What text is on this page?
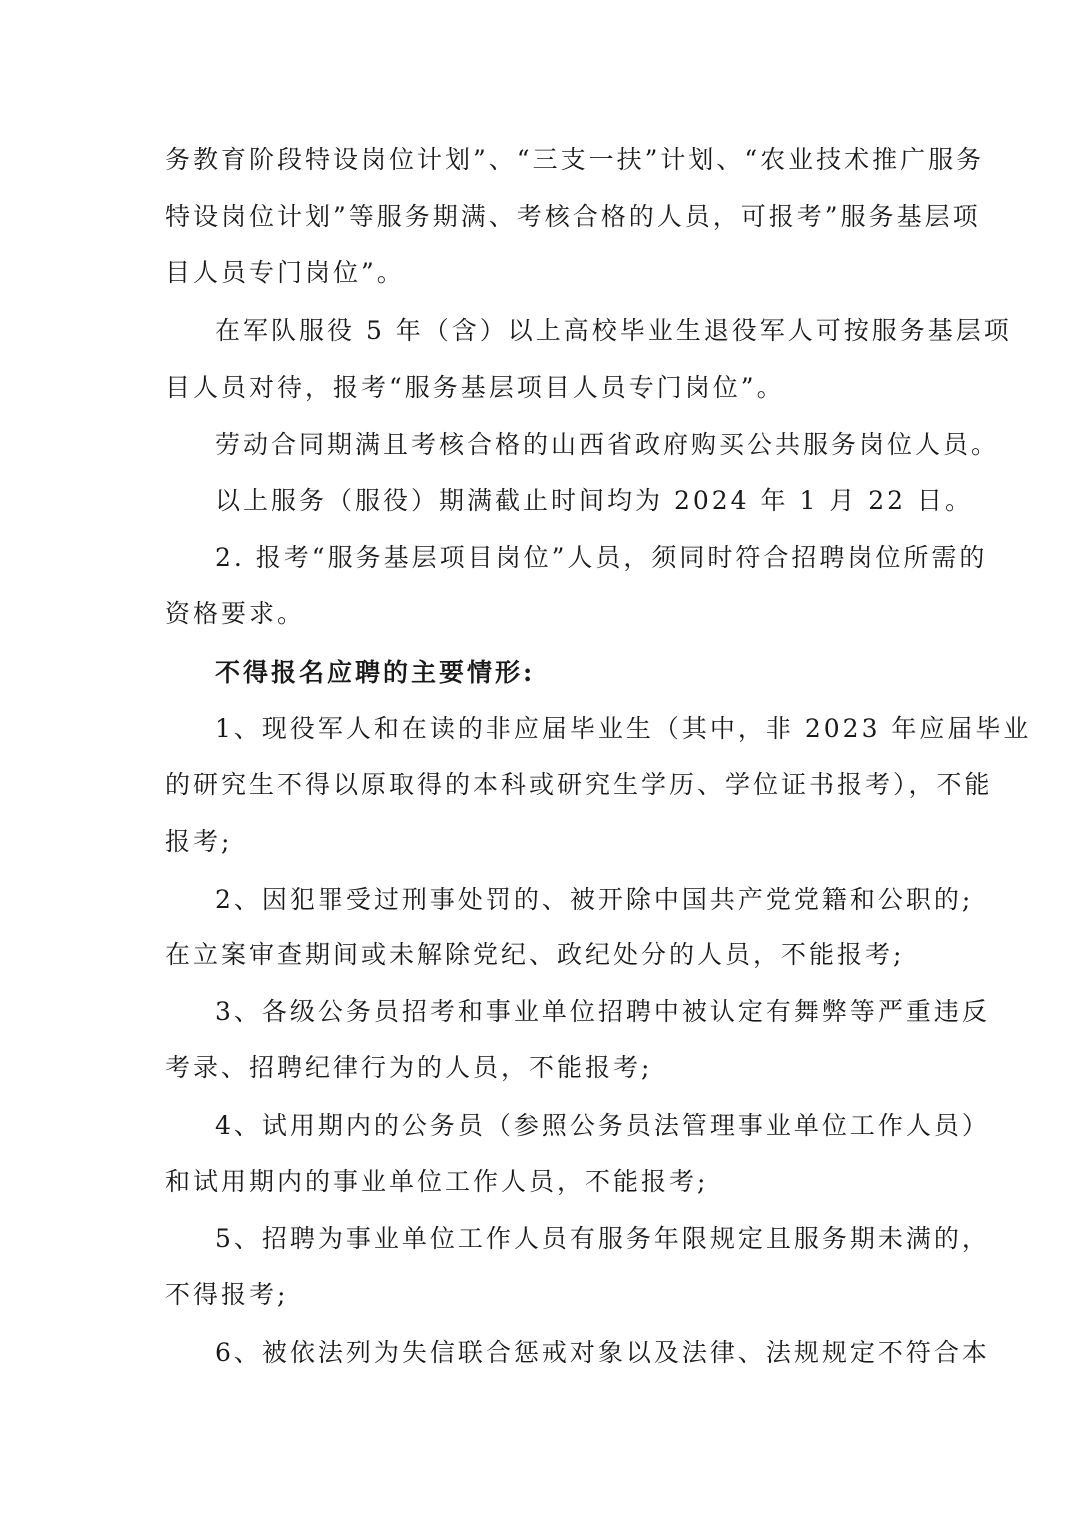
务教育阶段特设岗位计划”、“三支一扶”计划、“农业技术推广服务
特设岗位计划”等服务期满、考核合格的人员，可报考”服务基层项
目人员专门岗位”。
在军队服役 5 年（含）以上高校毕业生退役军人可按服务基层项
目人员对待，报考“服务基层项目人员专门岗位”。
劳动合同期满且考核合格的山西省政府购买公共服务岗位人员。
以上服务（服役）期满截止时间均为 2024 年 1 月 22 日。
2. 报考“服务基层项目岗位”人员，须同时符合招聘岗位所需的
资格要求。
不得报名应聘的主要情形:
1、现役军人和在读的非应届毕业生（其中，非 2023 年应届毕业
的研究生不得以原取得的本科或研究生学历、学位证书报考），不能
报考;
2、因犯罪受过刑事处罚的、被开除中国共产党党籍和公职的;
在立案审查期间或未解除党纪、政纪处分的人员，不能报考;
3、各级公务员招考和事业单位招聘中被认定有舞弊等严重违反
考录、招聘纪律行为的人员，不能报考;
4、试用期内的公务员（参照公务员法管理事业单位工作人员）
和试用期内的事业单位工作人员，不能报考;
5、招聘为事业单位工作人员有服务年限规定且服务期未满的，
不得报考;
6、被依法列为失信联合惩戒对象以及法律、法规规定不符合本
